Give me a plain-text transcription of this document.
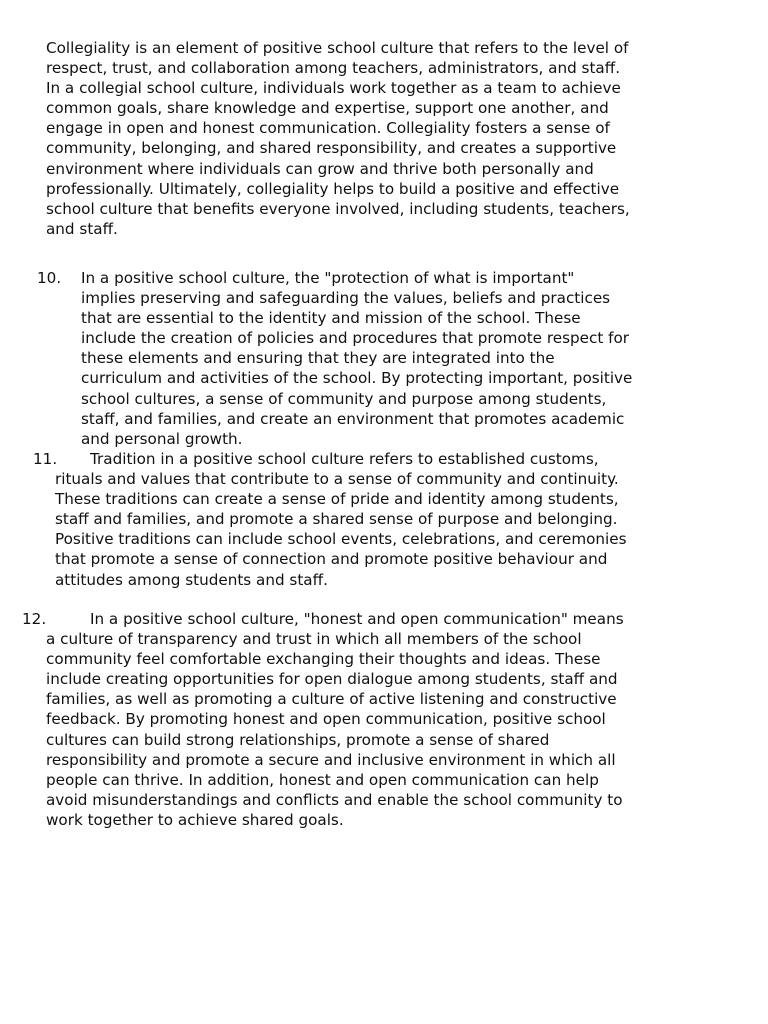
Collegiality is an element of positive school culture that refers to the level of
respect, trust, and collaboration among teachers, administrators, and staff.
In a collegial school culture, individuals work together as a team to achieve
common goals, share knowledge and expertise, support one another, and
engage in open and honest communication. Collegiality fosters a sense of
community, belonging, and shared responsibility, and creates a supportive
environment where individuals can grow and thrive both personally and
professionally. Ultimately, collegiality helps to build a positive and effective
school culture that benefits everyone involved, including students, teachers,
and staff.

10. In a positive school culture, the "protection of what is important"
implies preserving and safeguarding the values, beliefs and practices
that are essential to the identity and mission of the school. These
include the creation of policies and procedures that promote respect for
these elements and ensuring that they are integrated into the
curriculum and activities of the school. By protecting important, positive
school cultures, a sense of community and purpose among students,
staff, and families, and create an environment that promotes academic
and personal growth.

11.	Tradition in a positive school culture refers to established customs,
rituals and values that contribute to a sense of community and continuity.
These traditions can create a sense of pride and identity among students,
staff and families, and promote a shared sense of purpose and belonging.
Positive traditions can include school events, celebrations, and ceremonies
that promote a sense of connection and promote positive behaviour and
attitudes among students and staff.

12.	In a positive school culture, "honest and open communication" means
a culture of transparency and trust in which all members of the school
community feel comfortable exchanging their thoughts and ideas. These
include creating opportunities for open dialogue among students, staff and
families, as well as promoting a culture of active listening and constructive
feedback. By promoting honest and open communication, positive school
cultures can build strong relationships, promote a sense of shared
responsibility and promote a secure and inclusive environment in which all
people can thrive. In addition, honest and open communication can help
avoid misunderstandings and conflicts and enable the school community to
work together to achieve shared goals.
